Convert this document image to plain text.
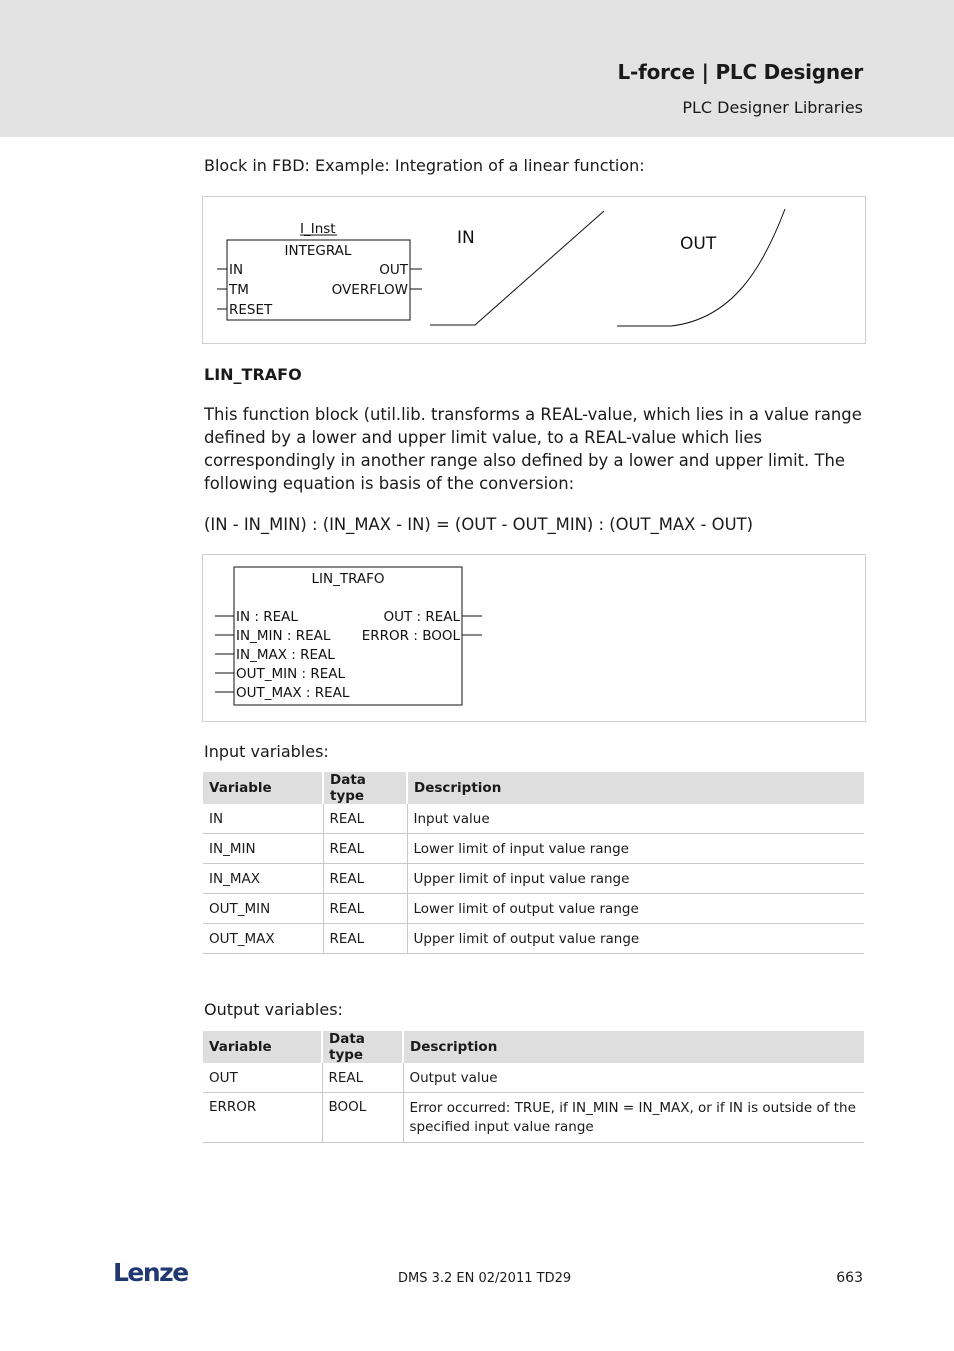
L-force | PLC Designer
PLC Designer Libraries
Block in FBD: Example: Integration of a linear function:
I_Inst
INTEGRAL
IN
TM
RESET
OUT
OVERFLOW
IN	OUT
LIN_TRAFO
This function block (util.lib. transforms a REAL-value, which lies in a value range defined by a lower and upper limit value, to a REAL-value which lies correspondingly in another range also defined by a lower and upper limit. The following equation is basis of the conversion:
(IN - IN_MIN) : (IN_MAX - IN) = (OUT - OUT_MIN) : (OUT_MAX - OUT)
LIN_TRAFO
IN : REAL
IN_MIN : REAL
IN_MAX : REAL
OUT_MIN : REAL
OUT_MAX : REAL
OUT : REAL
ERROR : BOOL
Input variables:
Variable	Data type	Description
IN	REAL	Input value
IN_MIN	REAL	Lower limit of input value range
IN_MAX	REAL	Upper limit of input value range
OUT_MIN	REAL	Lower limit of output value range
OUT_MAX	REAL	Upper limit of output value range
Output variables:
Variable	Data type	Description
OUT	REAL	Output value
ERROR	BOOL	Error occurred: TRUE, if IN_MIN = IN_MAX, or if IN is outside of the specified input value range
Lenze	DMS 3.2 EN 02/2011 TD29	663
